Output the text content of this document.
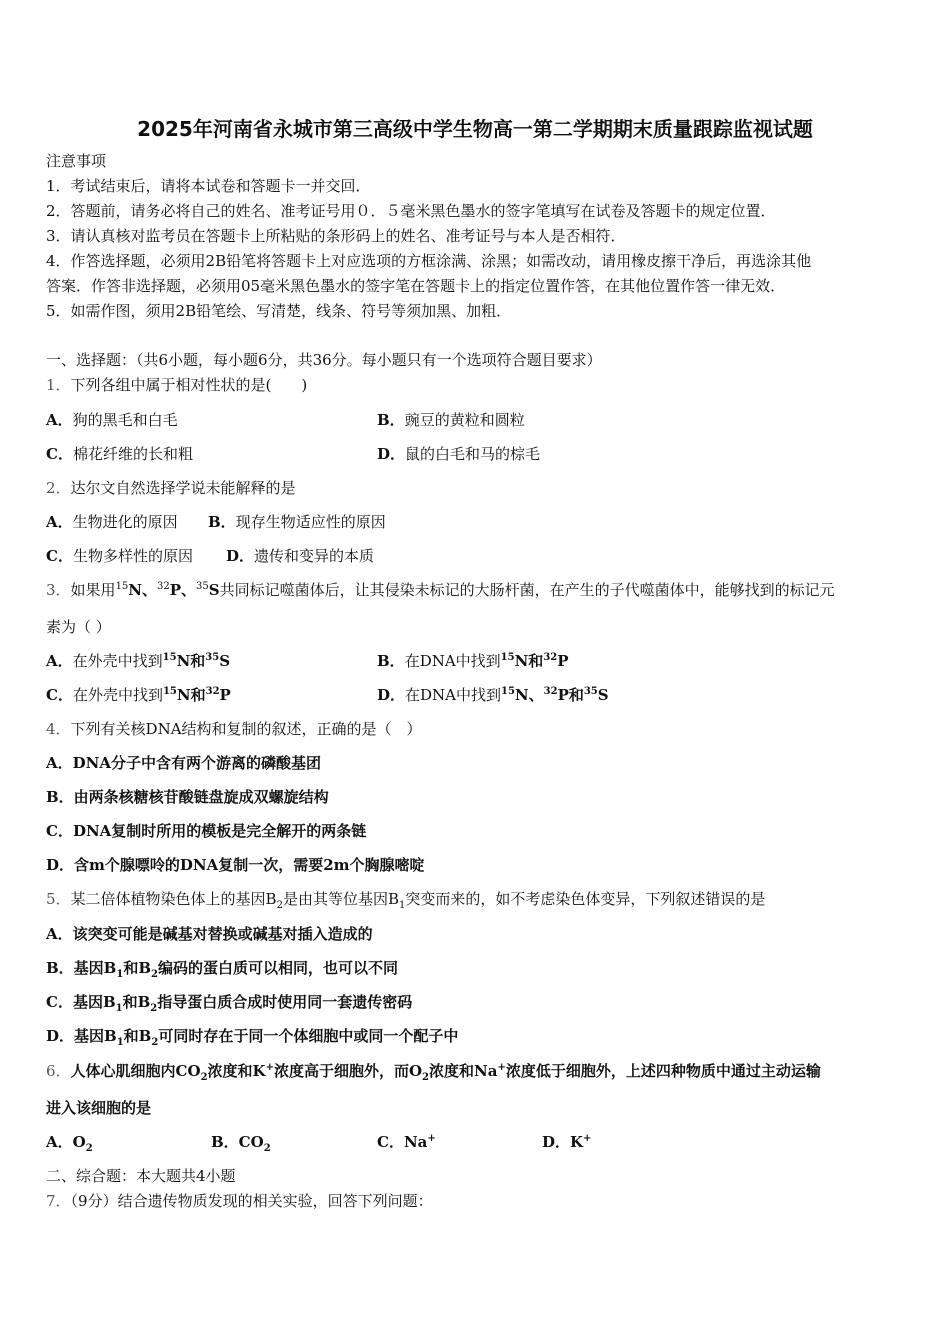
2025年河南省永城市第三高级中学生物高一第二学期期末质量跟踪监视试题
注意事项
1．考试结束后，请将本试卷和答题卡一并交回．
2．答题前，请务必将自己的姓名、准考证号用０．５毫米黑色墨水的签字笔填写在试卷及答题卡的规定位置．
3．请认真核对监考员在答题卡上所粘贴的条形码上的姓名、准考证号与本人是否相符．
4．作答选择题，必须用2B铅笔将答题卡上对应选项的方框涂满、涂黑；如需改动，请用橡皮擦干净后，再选涂其他
答案．作答非选择题，必须用05毫米黑色墨水的签字笔在答题卡上的指定位置作答，在其他位置作答一律无效．
5．如需作图，须用2B铅笔绘、写清楚，线条、符号等须加黑、加粗．
一、选择题：（共6小题，每小题6分，共36分。每小题只有一个选项符合题目要求）
1．下列各组中属于相对性状的是(　　)
A．狗的黑毛和白毛	B．豌豆的黄粒和圆粒
C．棉花纤维的长和粗	D．鼠的白毛和马的棕毛
2．达尔文自然选择学说未能解释的是
A．生物进化的原因 B．现存生物适应性的原因
C．生物多样性的原因 D．遗传和变异的本质
3．如果用$^{15}$N、$^{32}$P、$^{35}$S共同标记噬菌体后，让其侵染未标记的大肠杆菌，在产生的子代噬菌体中，能够找到的标记元
素为（ ）
A．在外壳中找到$^{15}$N和$^{35}$S	B．在DNA中找到$^{15}$N和$^{32}$P
C．在外壳中找到$^{15}$N和$^{32}$P	D．在DNA中找到$^{15}$N、$^{32}$P和$^{35}$S
4．下列有关核DNA结构和复制的叙述，正确的是（　）
A．DNA分子中含有两个游离的磷酸基团
B．由两条核糖核苷酸链盘旋成双螺旋结构
C．DNA复制时所用的模板是完全解开的两条链
D．含m个腺嘌呤的DNA复制一次，需要2m个胸腺嘧啶
5．某二倍体植物染色体上的基因$B_2$是由其等位基因$B_1$突变而来的，如不考虑染色体变异，下列叙述错误的是
A．该突变可能是碱基对替换或碱基对插入造成的
B．基因$B_1$和$B_2$编码的蛋白质可以相同，也可以不同
C．基因$B_1$和$B_2$指导蛋白质合成时使用同一套遗传密码
D．基因$B_1$和$B_2$可同时存在于同一个体细胞中或同一个配子中
6．人体心肌细胞内$CO_2$浓度和K+浓度高于细胞外，而$O_2$浓度和Na+浓度低于细胞外，上述四种物质中通过主动运输
进入该细胞的是
A．$O_2$	B．$CO_2$	C．Na+	D．K+
二、综合题：本大题共4小题
7．（9分）结合遗传物质发现的相关实验，回答下列问题：
